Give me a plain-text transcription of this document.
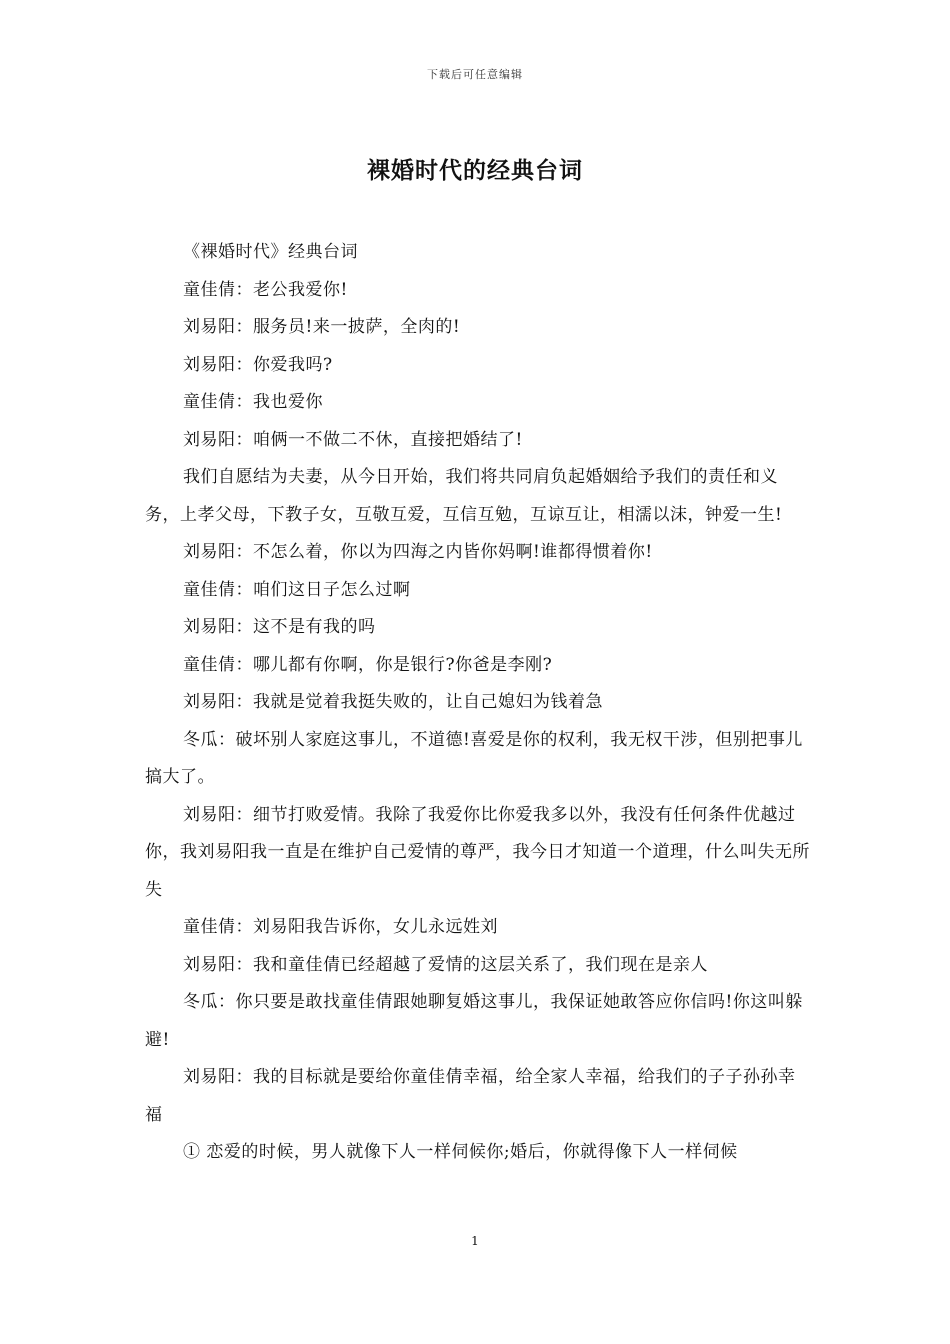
下载后可任意编辑
裸婚时代的经典台词

《裸婚时代》经典台词

童佳倩：老公我爱你!

刘易阳：服务员!来一披萨，全肉的!

刘易阳：你爱我吗?

童佳倩：我也爱你

刘易阳：咱俩一不做二不休，直接把婚结了!

我们自愿结为夫妻，从今日开始，我们将共同肩负起婚姻给予我们的责任和义务，上孝父母，下教子女，互敬互爱，互信互勉，互谅互让，相濡以沫，钟爱一生!

刘易阳：不怎么着，你以为四海之内皆你妈啊!谁都得惯着你!

童佳倩：咱们这日子怎么过啊

刘易阳：这不是有我的吗

童佳倩：哪儿都有你啊，你是银行?你爸是李刚?

刘易阳：我就是觉着我挺失败的，让自己媳妇为钱着急

冬瓜：破坏别人家庭这事儿，不道德!喜爱是你的权利，我无权干涉，但别把事儿搞大了。

刘易阳：细节打败爱情。我除了我爱你比你爱我多以外，我没有任何条件优越过你，我刘易阳我一直是在维护自己爱情的尊严，我今日才知道一个道理，什么叫失无所失

童佳倩：刘易阳我告诉你，女儿永远姓刘

刘易阳：我和童佳倩已经超越了爱情的这层关系了，我们现在是亲人

冬瓜：你只要是敢找童佳倩跟她聊复婚这事儿，我保证她敢答应你信吗!你这叫躲避!

刘易阳：我的目标就是要给你童佳倩幸福，给全家人幸福，给我们的子子孙孙幸福

① 恋爱的时候，男人就像下人一样伺候你;婚后，你就得像下人一样伺候

1
